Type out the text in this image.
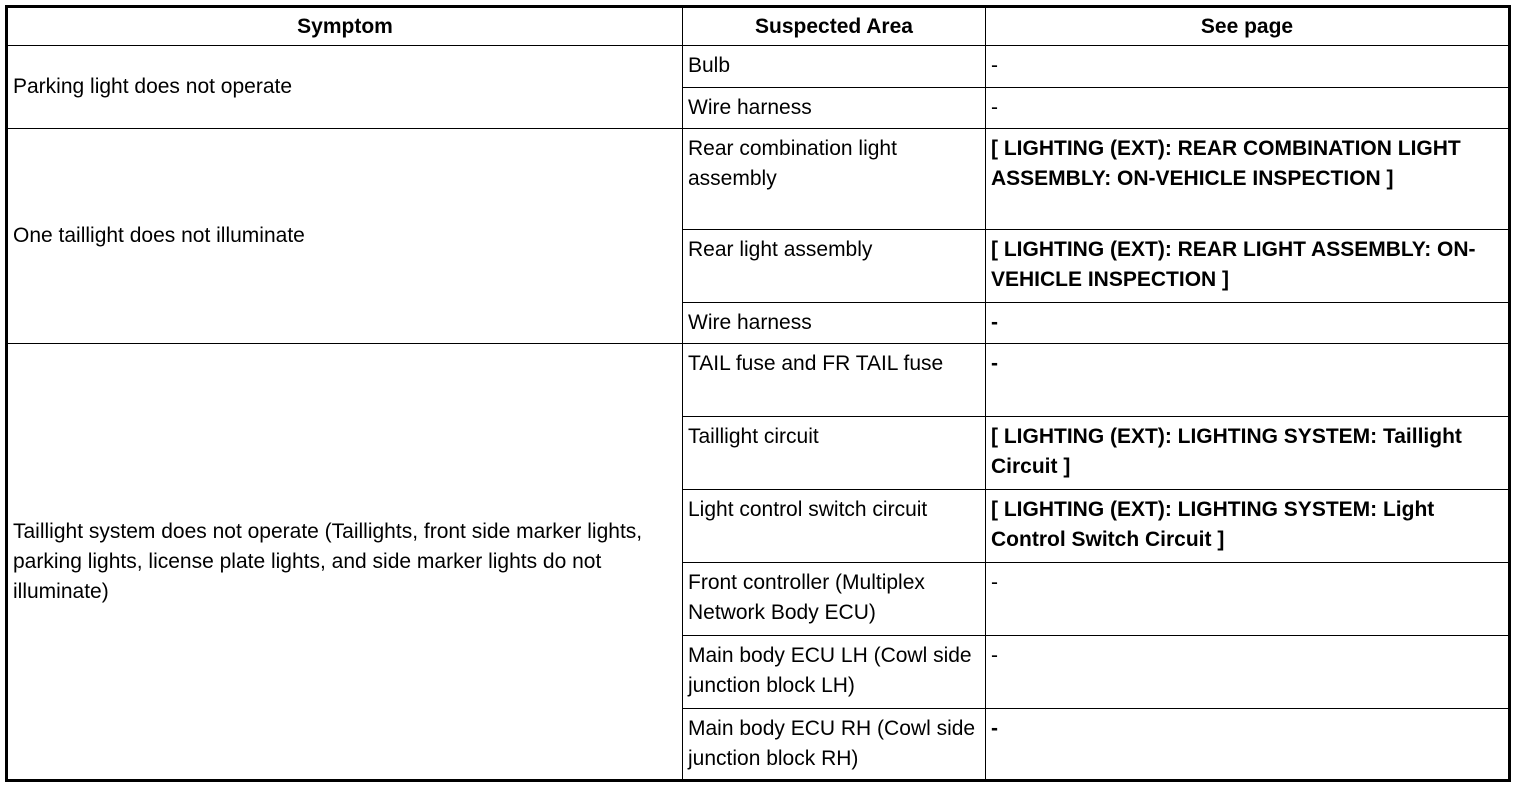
Symptom	Suspected Area	See page
Parking light does not operate	Bulb	-
	Wire harness	-
One taillight does not illuminate	Rear combination light assembly	[ LIGHTING (EXT): REAR COMBINATION LIGHT ASSEMBLY: ON-VEHICLE INSPECTION ]
	Rear light assembly	[ LIGHTING (EXT): REAR LIGHT ASSEMBLY: ON-VEHICLE INSPECTION ]
	Wire harness	-
Taillight system does not operate (Taillights, front side marker lights, parking lights, license plate lights, and side marker lights do not illuminate)	TAIL fuse and FR TAIL fuse	-
	Taillight circuit	[ LIGHTING (EXT): LIGHTING SYSTEM: Taillight Circuit ]
	Light control switch circuit	[ LIGHTING (EXT): LIGHTING SYSTEM: Light Control Switch Circuit ]
	Front controller (Multiplex Network Body ECU)	-
	Main body ECU LH (Cowl side junction block LH)	-
	Main body ECU RH (Cowl side junction block RH)	-
